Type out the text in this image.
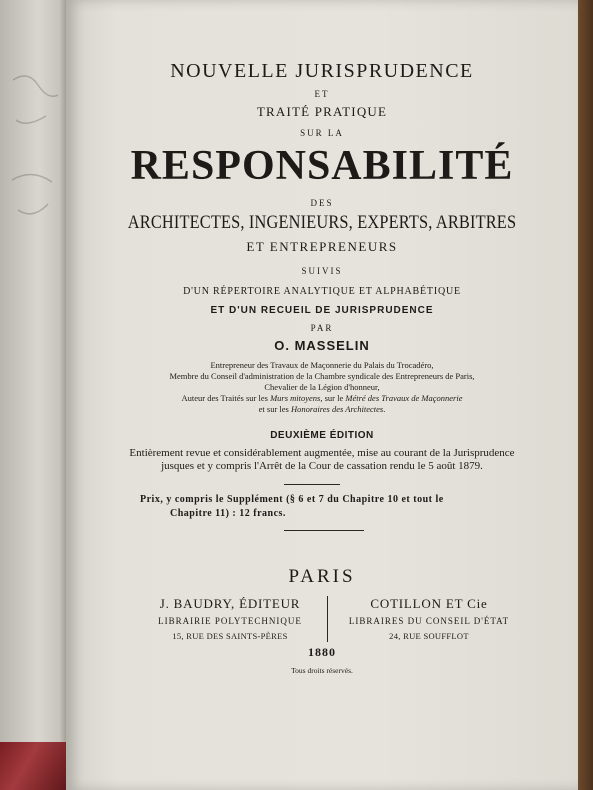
NOUVELLE JURISPRUDENCE

ET

TRAITÉ PRATIQUE

SUR LA

RESPONSABILITÉ

DES

ARCHITECTES, INGENIEURS, EXPERTS, ARBITRES

ET ENTREPRENEURS

SUIVIS

D'UN RÉPERTOIRE ANALYTIQUE ET ALPHABÉTIQUE

ET D'UN RECUEIL DE JURISPRUDENCE

PAR

O. MASSELIN

Entrepreneur des Travaux de Maçonnerie du Palais du Trocadéro,

Membre du Conseil d'administration de la Chambre syndicale des Entrepreneurs de Paris,

Chevalier de la Légion d'honneur,

Auteur des Traités sur les Murs mitoyens, sur le Métré des Travaux de Maçonnerie

et sur les Honoraires des Architectes.

DEUXIÈME ÉDITION

Entièrement revue et considérablement augmentée, mise au courant de la Jurisprudence

jusques et y compris l'Arrêt de la Cour de cassation rendu le 5 août 1879.

Prix, y compris le Supplément (§ 6 et 7 du Chapitre 10 et tout le

Chapitre 11) : 12 francs.

PARIS

J. BAUDRY, ÉDITEUR
LIBRAIRIE POLYTECHNIQUE
15, RUE DES SAINTS-PÈRES
COTILLON ET Cie
LIBRAIRES DU CONSEIL D'ÉTAT
24, RUE SOUFFLOT

1880

Tous droits réservés.
